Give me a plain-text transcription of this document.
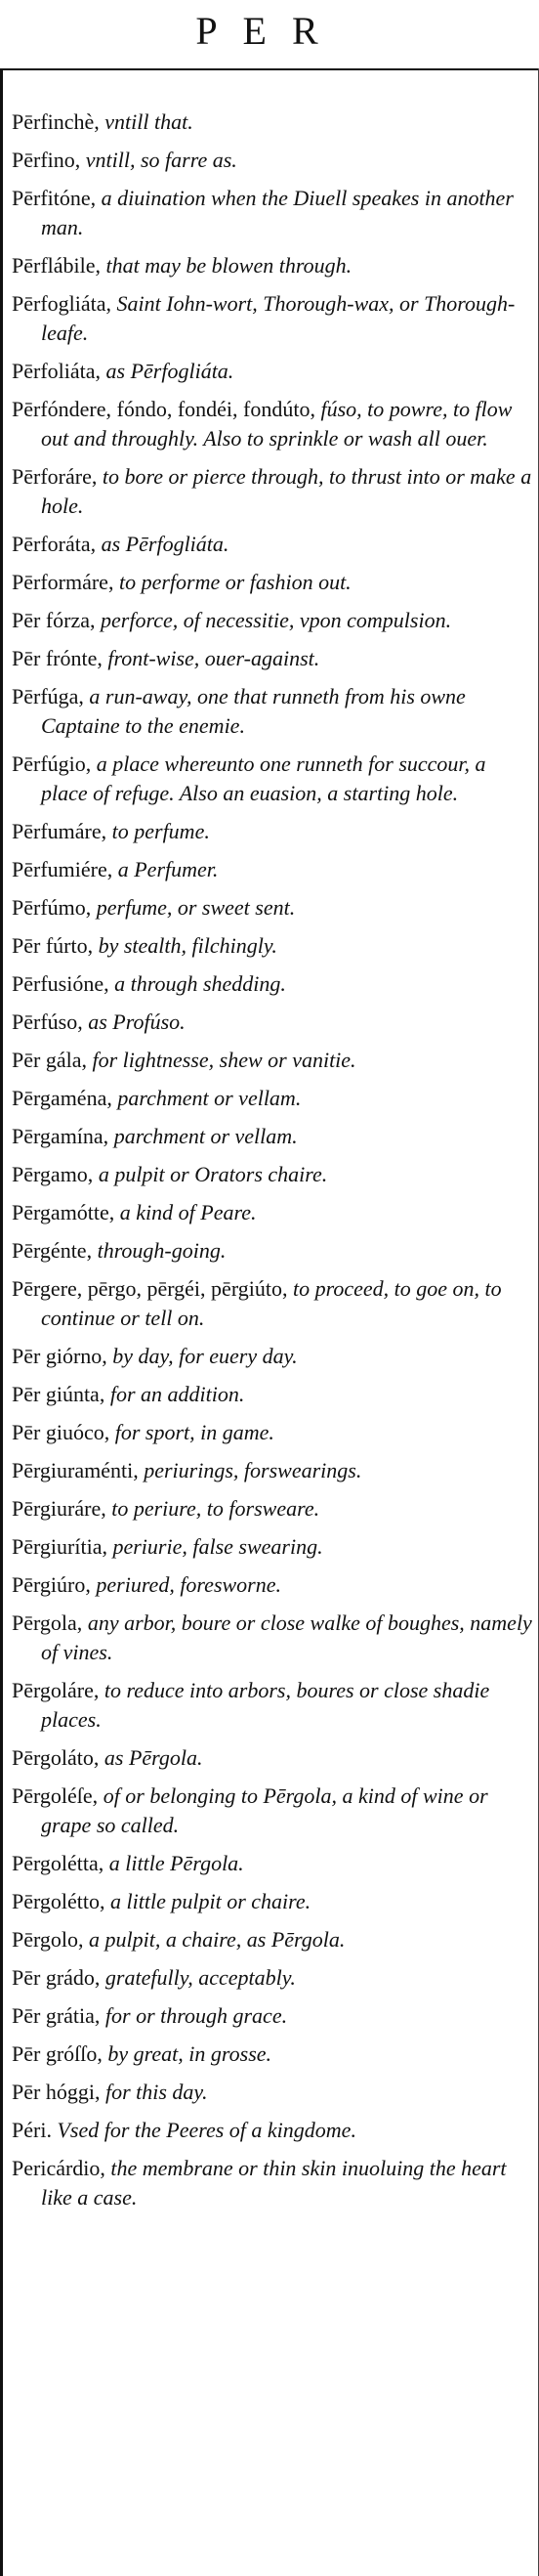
PER
Pērfinchè, vntill that.
Pērfino, vntill, so farre as.
Pērfitóne, a diuination when the Diuell speakes in another man.
Pērflábile, that may be blowen through.
Pērfogliáta, Saint Iohn-wort, Thorough-wax, or Thorough-leafe.
Pērfoliáta, as Pērfogliáta.
Pērfóndere, fóndo, fondéi, fondúto, fúso, to powre, to flow out and throughly. Also to sprinkle or wash all ouer.
Pērforáre, to bore or pierce through, to thrust into or make a hole.
Pērforáta, as Pērfogliáta.
Pērformáre, to performe or fashion out.
Pēr fórza, perforce, of necessitie, vpon compulsion.
Pēr frónte, front-wise, ouer-against.
Pērfúga, a run-away, one that runneth from his owne Captaine to the enemie.
Pērfúgio, a place whereunto one runneth for succour, a place of refuge. Also an euasion, a starting hole.
Pērfumáre, to perfume.
Pērfumiére, a Perfumer.
Pērfúmo, perfume, or sweet sent.
Pēr fúrto, by stealth, filchingly.
Pērfusióne, a through shedding.
Pērfúso, as Profúso.
Pēr gála, for lightnesse, shew or vanitie.
Pērgaména, parchment or vellam.
Pērgamína, parchment or vellam.
Pērgamo, a pulpit or Orators chaire.
Pērgamótte, a kind of Peare.
Pērgénte, through-going.
Pērgere, pērgo, pērgéi, pērgiúto, to proceed, to goe on, to continue or tell on.
Pēr giórno, by day, for euery day.
Pēr giúnta, for an addition.
Pēr giuóco, for sport, in game.
Pērgiuraménti, periurings, forswearings.
Pērgiuráre, to periure, to forsweare.
Pērgiurítia, periurie, false swearing.
Pērgiúro, periured, foresworne.
Pērgola, any arbor, boure or close walke of boughes, namely of vines.
Pērgoláre, to reduce into arbors, boures or close shadie places.
Pērgoláto, as Pērgola.
Pērgoléſe, of or belonging to Pērgola, a kind of wine or grape so called.
Pērgolétta, a little Pērgola.
Pērgolétto, a little pulpit or chaire.
Pērgolo, a pulpit, a chaire, as Pērgola.
Pēr grádo, gratefully, acceptably.
Pēr grátia, for or through grace.
Pēr gróſſo, by great, in grosse.
Pēr hóggi, for this day.
Péri. Vsed for the Peeres of a kingdome.
Pericárdio, the membrane or thin skin inuoluing the heart like a case.
